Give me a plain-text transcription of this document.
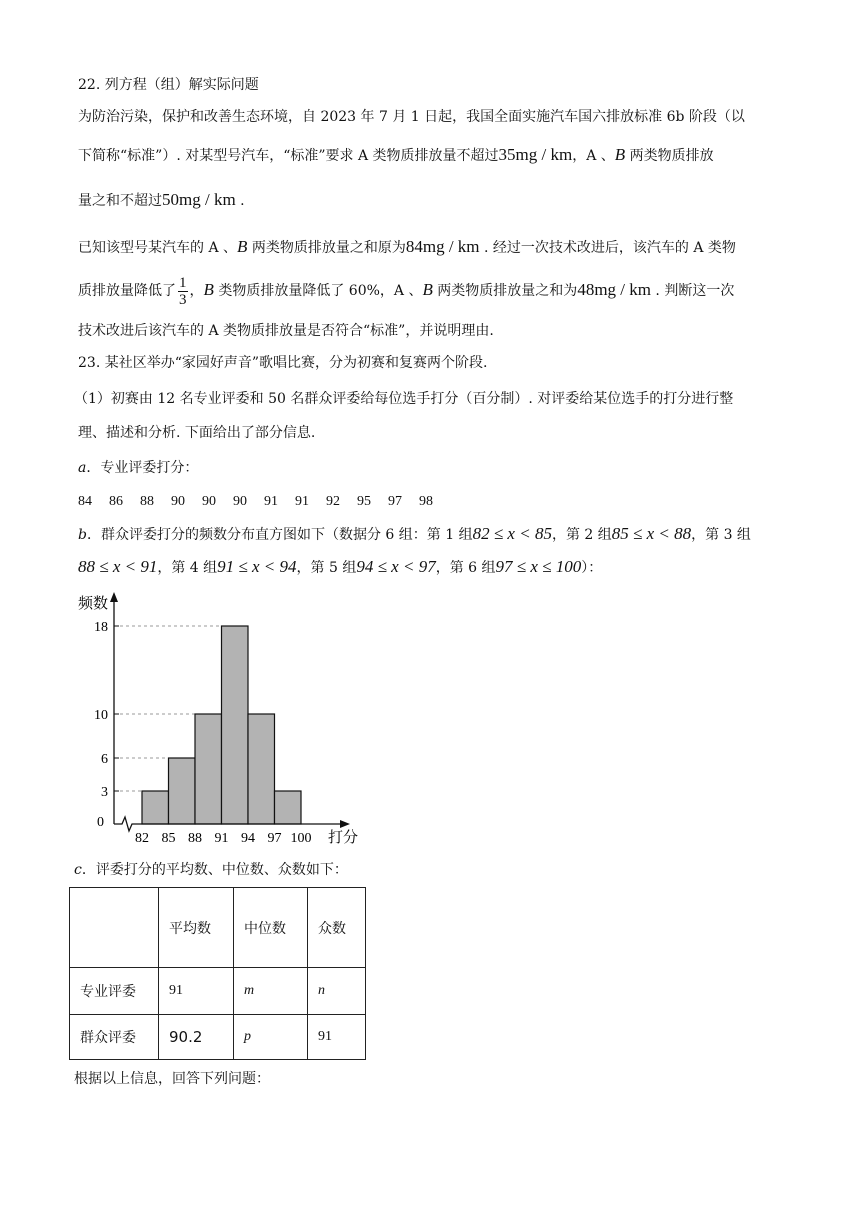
22. 列方程（组）解实际问题
为防治污染，保护和改善生态环境，自 2023 年 7 月 1 日起，我国全面实施汽车国六排放标准 6b 阶段（以
下简称“标准”）. 对某型号汽车，“标准”要求 A 类物质排放量不超过35mg / km，A 、B 两类物质排放
量之和不超过50mg / km .
已知该型号某汽车的 A 、B 两类物质排放量之和原为84mg / km . 经过一次技术改进后，该汽车的 A 类物
质排放量降低了 $\frac{1}{3}$ ，B 类物质排放量降低了 60%，A 、B 两类物质排放量之和为48mg / km . 判断这一次
技术改进后该汽车的 A 类物质排放量是否符合“标准”，并说明理由.
23. 某社区举办“家园好声音”歌唱比赛，分为初赛和复赛两个阶段.
（1）初赛由 12 名专业评委和 50 名群众评委给每位选手打分（百分制）. 对评委给某位选手的打分进行整
理、描述和分析. 下面给出了部分信息.
a．专业评委打分：
84 86 88 90 90 90 91 91 92 95 97 98
b．群众评委打分的频数分布直方图如下（数据分 6 组：第 1 组82 ≤ x < 85，第 2 组85 ≤ x < 88，第 3 组
88 ≤ x < 91，第 4 组91 ≤ x < 94，第 5 组94 ≤ x < 97，第 6 组97 ≤ x ≤ 100）：
3
6
10
18
82 85 88 91 94 97 100
频数
打分
0
c．评委打分的平均数、中位数、众数如下：
	平均数	中位数	众数
专业评委	91	m	n
群众评委	90.2	p	91
根据以上信息，回答下列问题：
